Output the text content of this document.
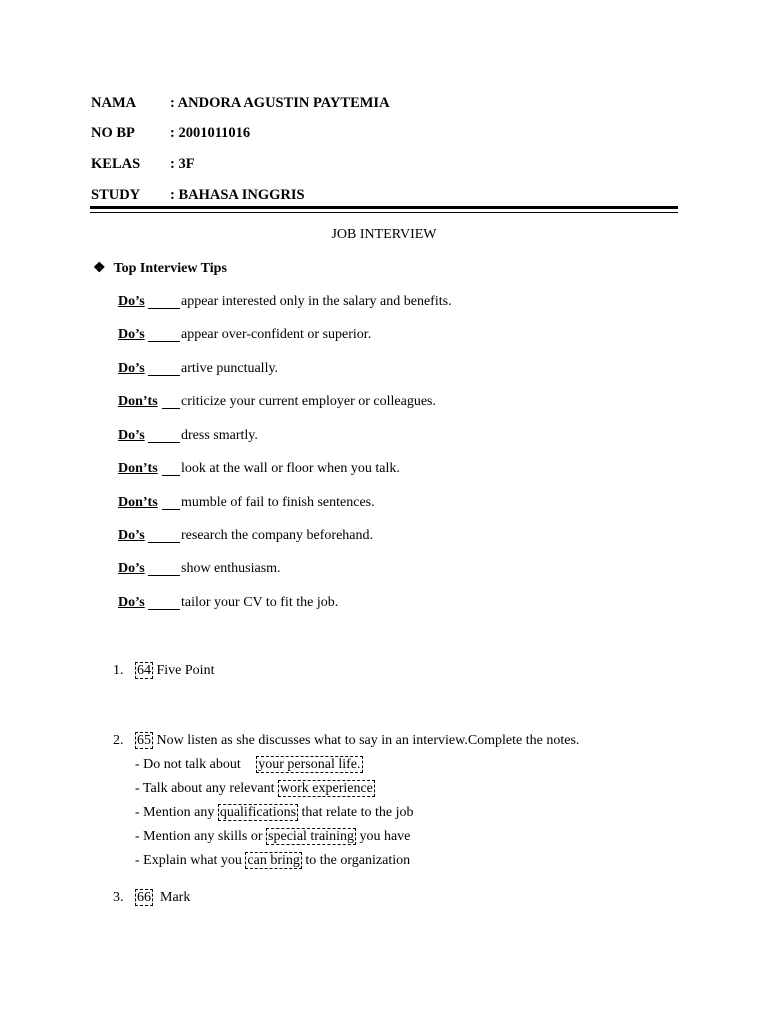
NAMA : ANDORA AGUSTIN PAYTEMIA
NO BP : 2001011016
KELAS : 3F
STUDY : BAHASA INGGRIS
JOB INTERVIEW
❖ Top Interview Tips
Do’s	appear interested only in the salary and benefits.
Do’s	appear over-confident or superior.
Do’s	artive punctually.
Don’ts criticize your current employer or colleagues.
Do’s	dress smartly.
Don’ts look at the wall or floor when you talk.
Don’ts mumble of fail to finish sentences.
Do’s	research the company beforehand.
Do’s	show enthusiasm.
Do’s	tailor your CV to fit the job.
1. 64 Five Point
2. 65 Now listen as she discusses what to say in an interview.Complete the notes.
- Do not talk about your personal life.
- Talk about any relevant work experience
- Mention any qualifications that relate to the job
- Mention any skills or special training you have
- Explain what you can bring to the organization
3. 66  Mark
